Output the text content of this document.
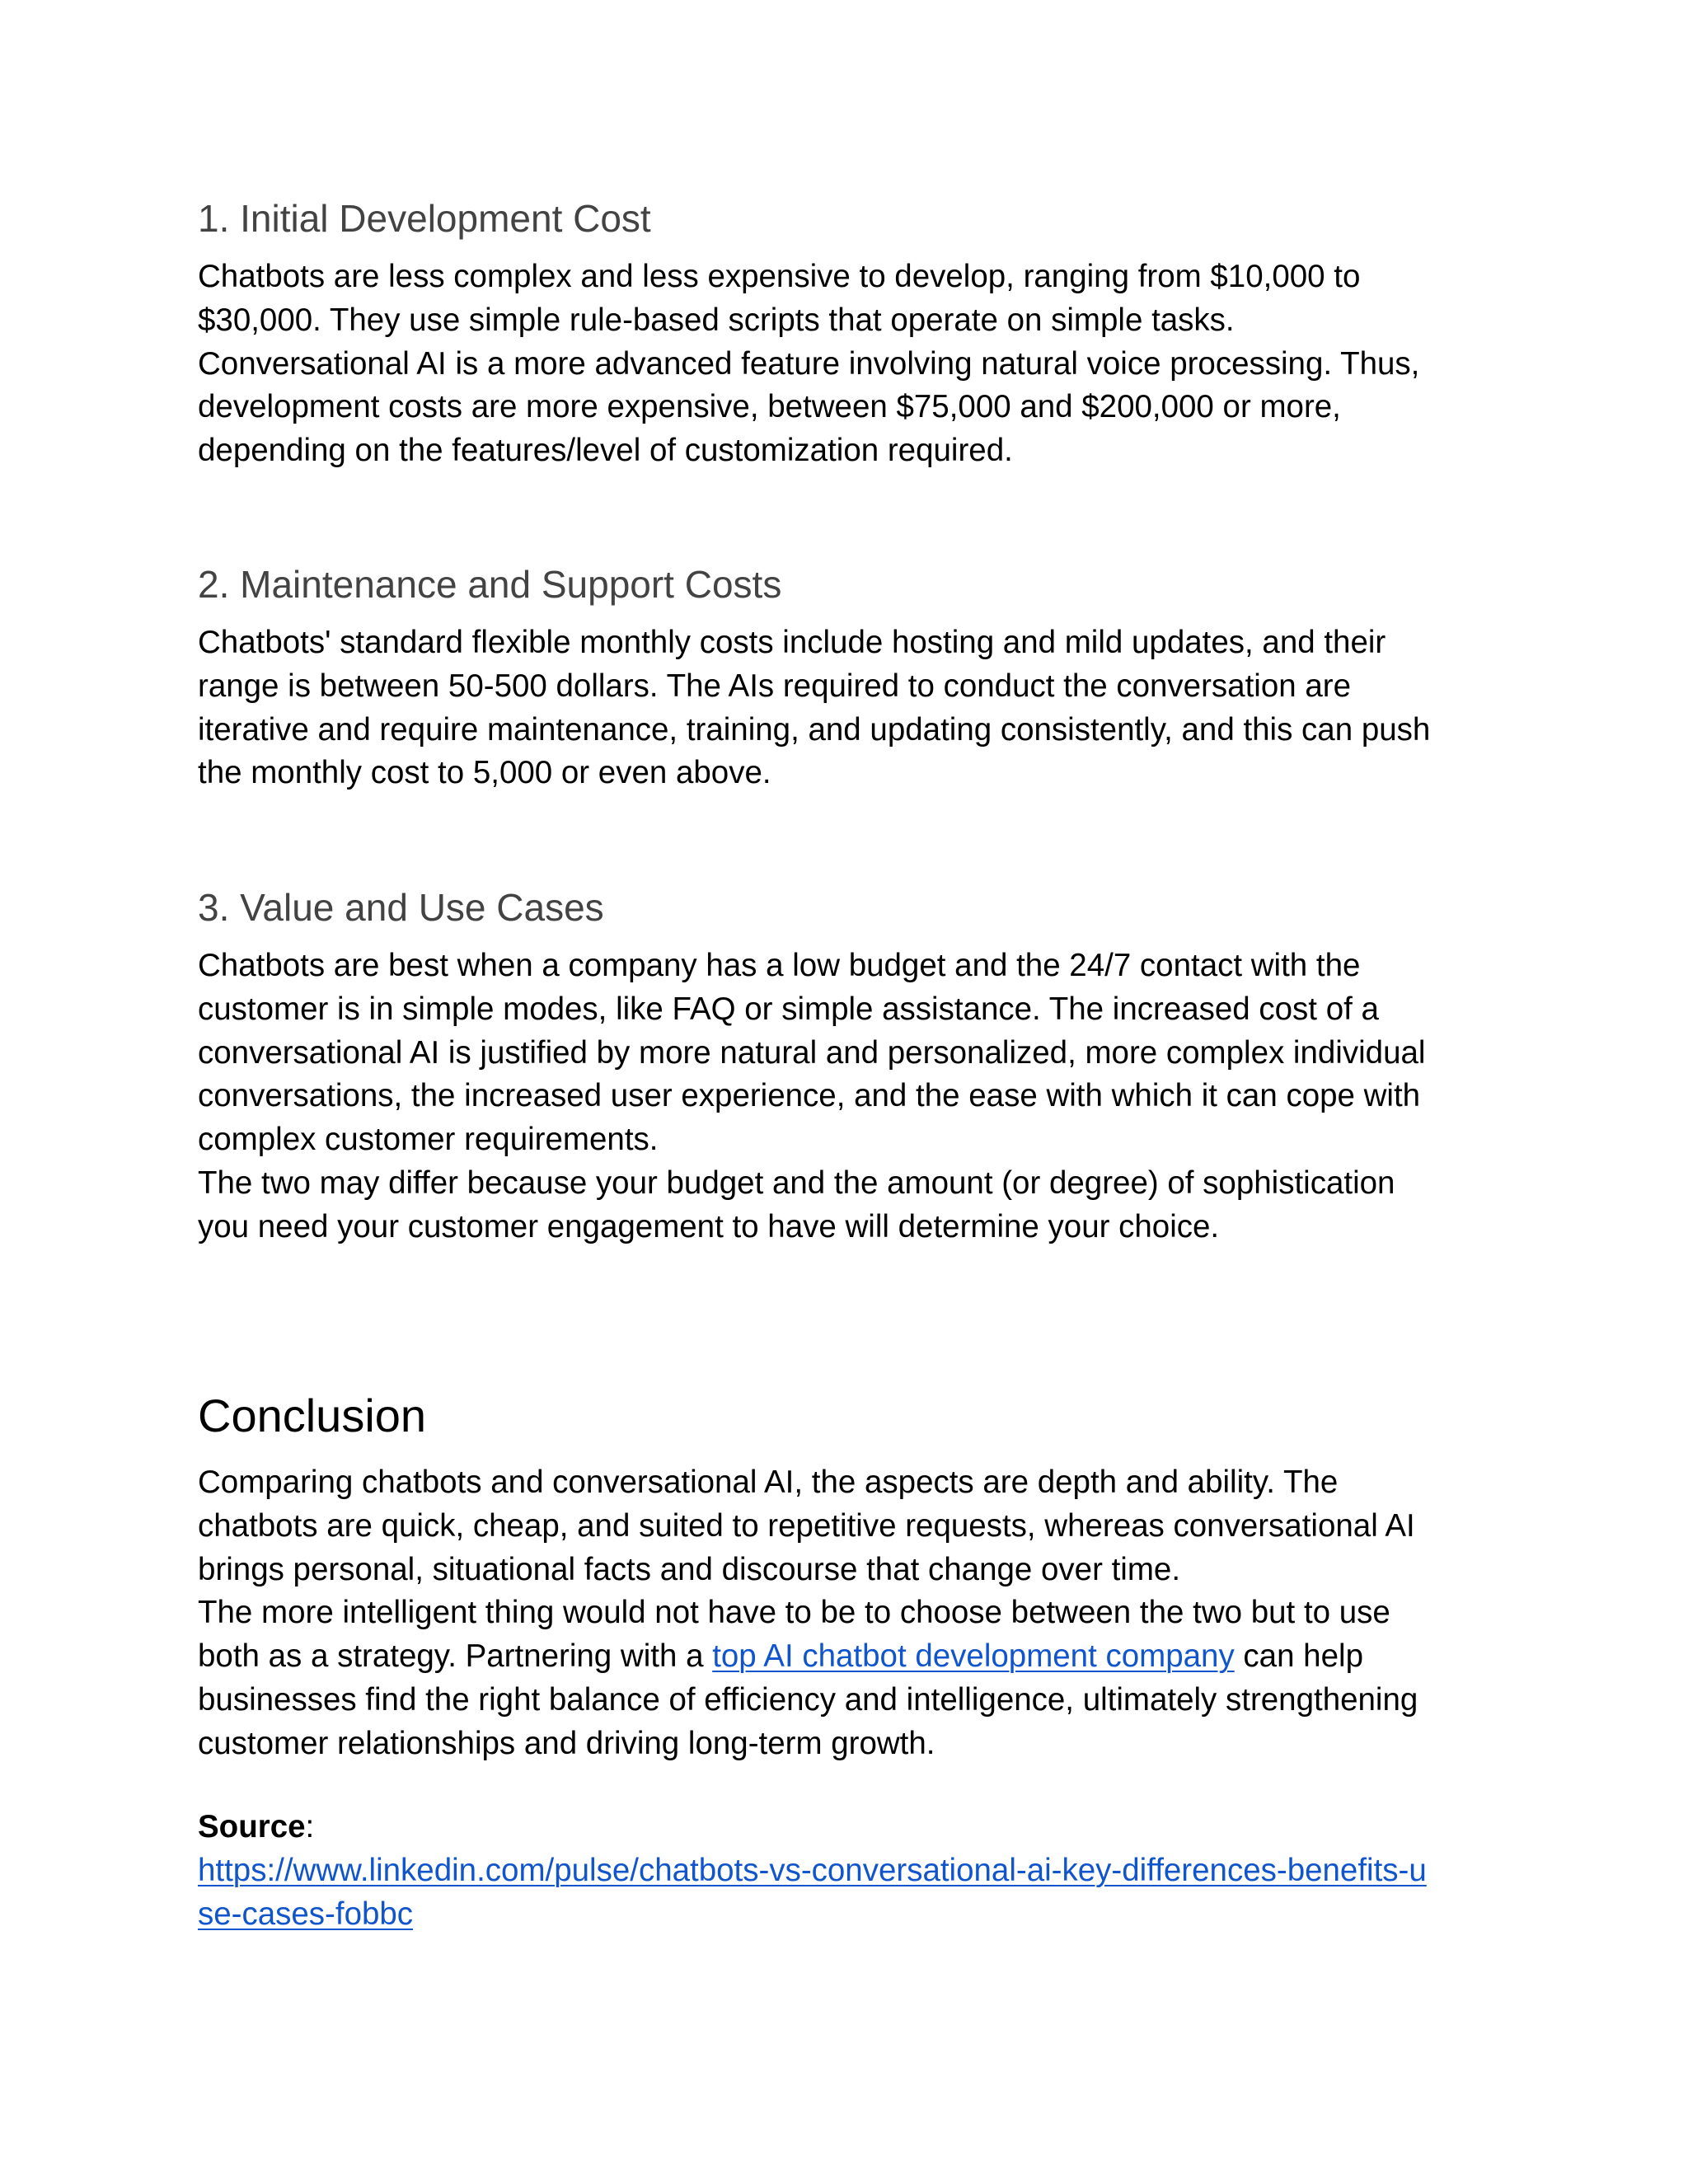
1. Initial Development Cost

Chatbots are less complex and less expensive to develop, ranging from $10,000 to
$30,000. They use simple rule-based scripts that operate on simple tasks.
Conversational AI is a more advanced feature involving natural voice processing. Thus,
development costs are more expensive, between $75,000 and $200,000 or more,
depending on the features/level of customization required.

2. Maintenance and Support Costs

Chatbots' standard flexible monthly costs include hosting and mild updates, and their
range is between 50-500 dollars. The AIs required to conduct the conversation are
iterative and require maintenance, training, and updating consistently, and this can push
the monthly cost to 5,000 or even above.

3. Value and Use Cases

Chatbots are best when a company has a low budget and the 24/7 contact with the
customer is in simple modes, like FAQ or simple assistance. The increased cost of a
conversational AI is justified by more natural and personalized, more complex individual
conversations, the increased user experience, and the ease with which it can cope with
complex customer requirements.
The two may differ because your budget and the amount (or degree) of sophistication
you need your customer engagement to have will determine your choice.

Conclusion

Comparing chatbots and conversational AI, the aspects are depth and ability. The
chatbots are quick, cheap, and suited to repetitive requests, whereas conversational AI
brings personal, situational facts and discourse that change over time.
The more intelligent thing would not have to be to choose between the two but to use
both as a strategy. Partnering with a top AI chatbot development company can help
businesses find the right balance of efficiency and intelligence, ultimately strengthening
customer relationships and driving long-term growth.

Source:
https://www.linkedin.com/pulse/chatbots-vs-conversational-ai-key-differences-benefits-u
se-cases-fobbc
